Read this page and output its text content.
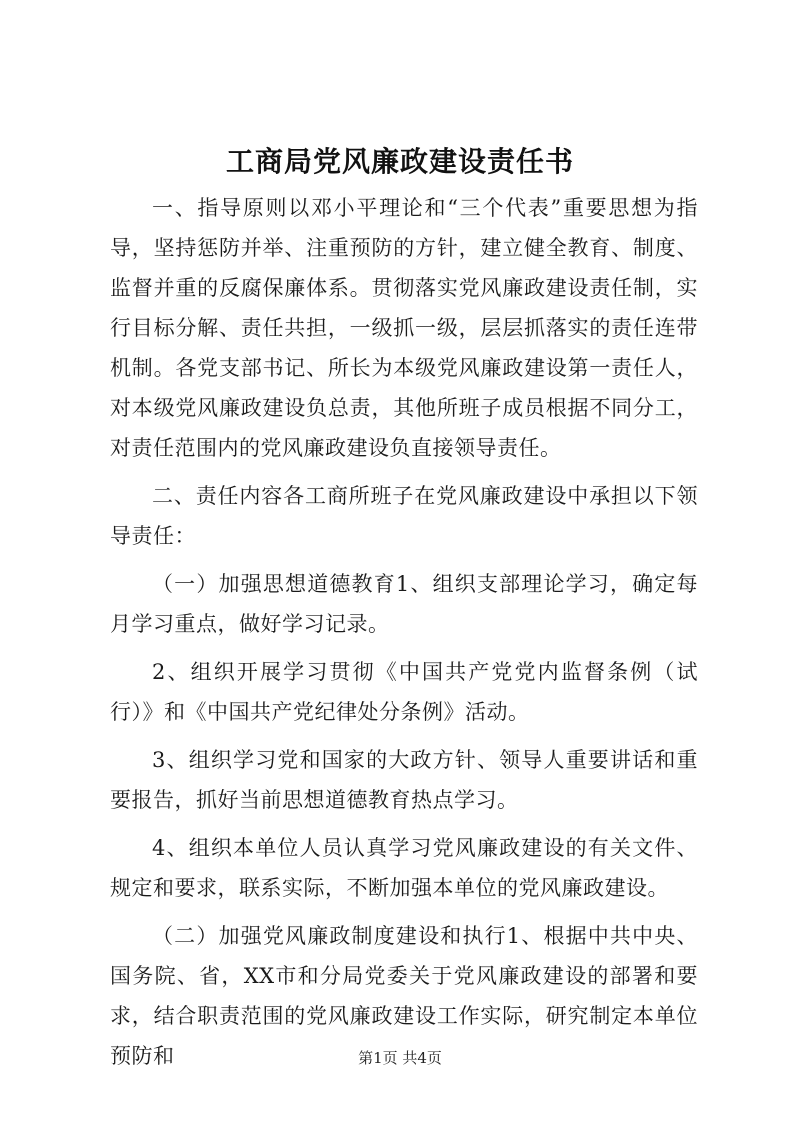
工商局党风廉政建设责任书

一、指导原则以邓小平理论和“三个代表”重要思想为指导，坚持惩防并举、注重预防的方针，建立健全教育、制度、监督并重的反腐保廉体系。贯彻落实党风廉政建设责任制，实行目标分解、责任共担，一级抓一级，层层抓落实的责任连带机制。各党支部书记、所长为本级党风廉政建设第一责任人，对本级党风廉政建设负总责，其他所班子成员根据不同分工，对责任范围内的党风廉政建设负直接领导责任。

二、责任内容各工商所班子在党风廉政建设中承担以下领导责任：

（一）加强思想道德教育1、组织支部理论学习，确定每月学习重点，做好学习记录。

2、组织开展学习贯彻《中国共产党党内监督条例（试行）》和《中国共产党纪律处分条例》活动。

3、组织学习党和国家的大政方针、领导人重要讲话和重要报告，抓好当前思想道德教育热点学习。

4、组织本单位人员认真学习党风廉政建设的有关文件、规定和要求，联系实际，不断加强本单位的党风廉政建设。

（二）加强党风廉政制度建设和执行1、根据中共中央、国务院、省，XX市和分局党委关于党风廉政建设的部署和要求，结合职责范围的党风廉政建设工作实际，研究制定本单位预防和	第1页 共4页
